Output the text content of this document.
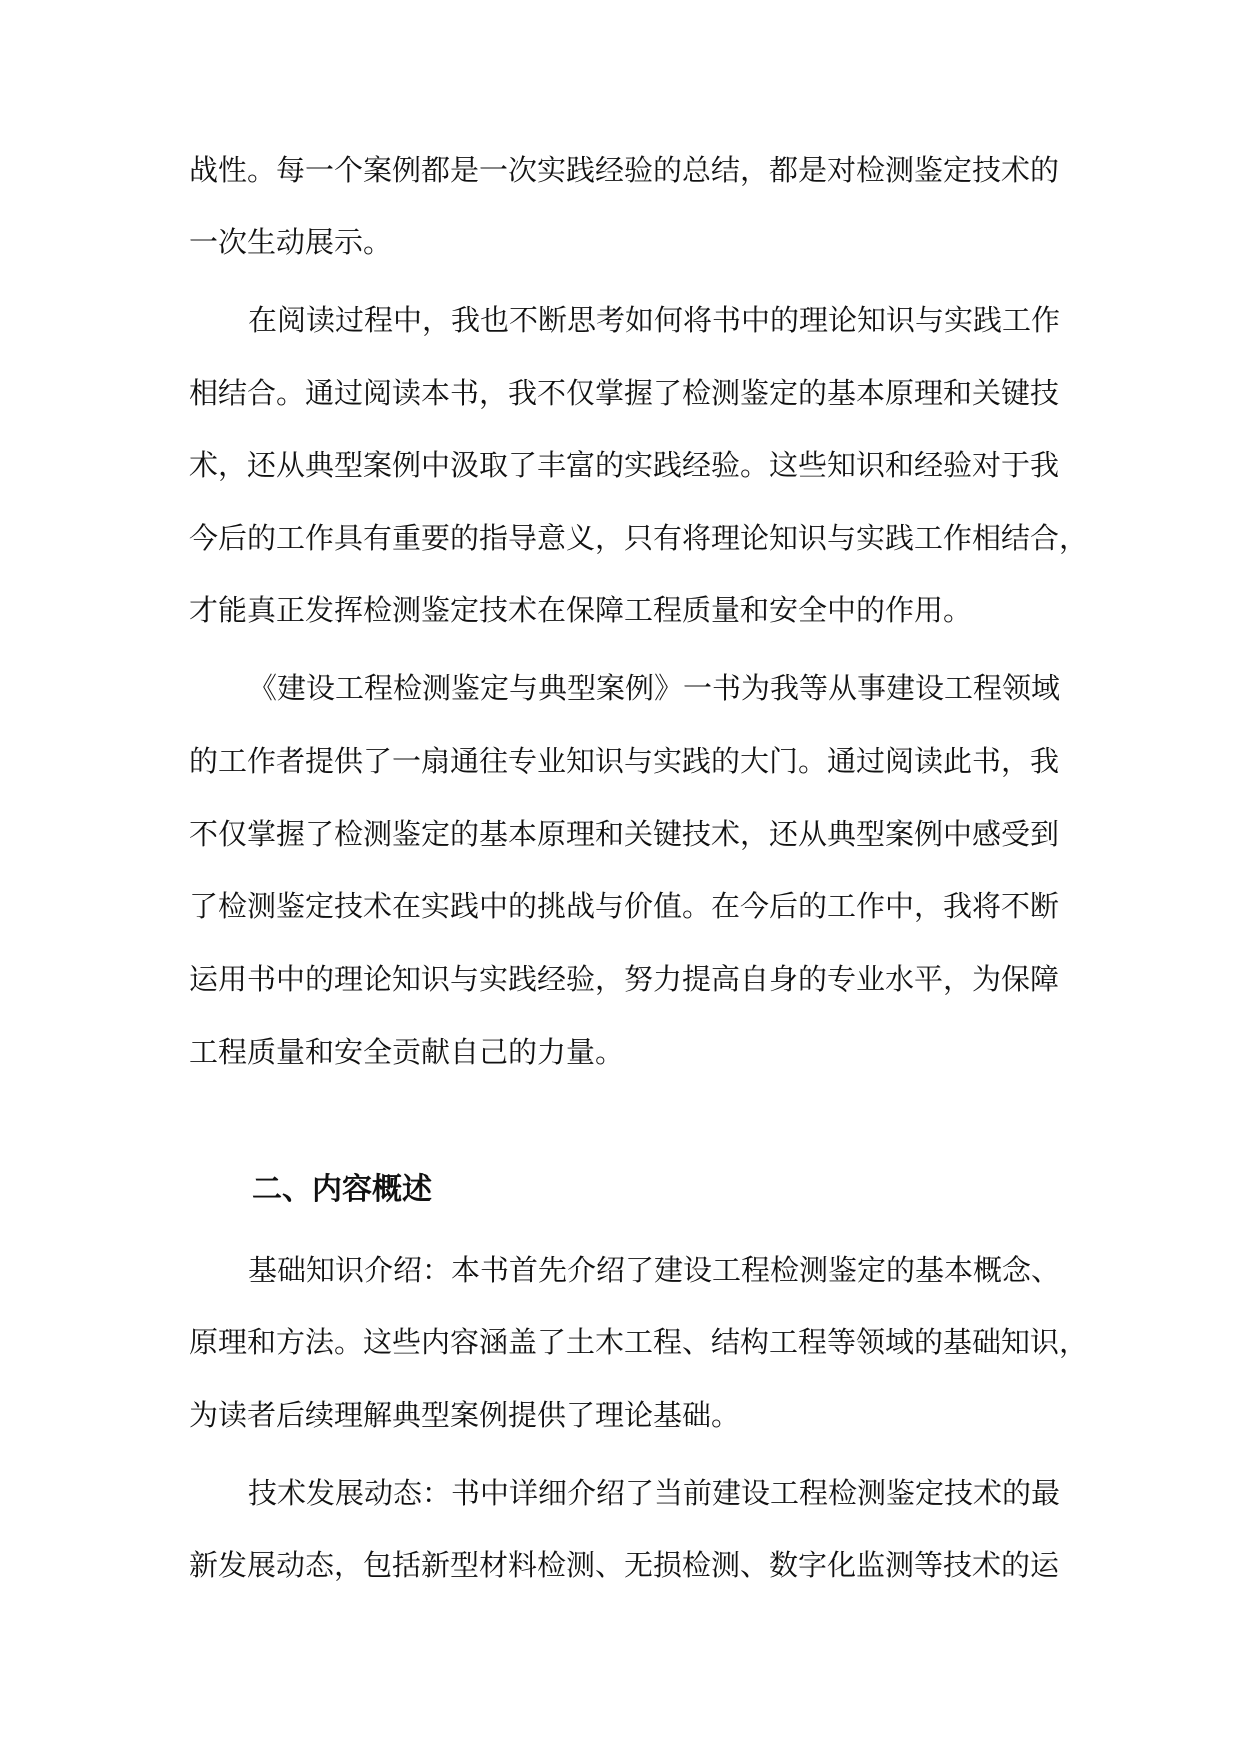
战性。每一个案例都是一次实践经验的总结，都是对检测鉴定技术的
一次生动展示。
在阅读过程中，我也不断思考如何将书中的理论知识与实践工作
相结合。通过阅读本书，我不仅掌握了检测鉴定的基本原理和关键技
术，还从典型案例中汲取了丰富的实践经验。这些知识和经验对于我
今后的工作具有重要的指导意义，只有将理论知识与实践工作相结合，
才能真正发挥检测鉴定技术在保障工程质量和安全中的作用。
《建设工程检测鉴定与典型案例》一书为我等从事建设工程领域
的工作者提供了一扇通往专业知识与实践的大门。通过阅读此书，我
不仅掌握了检测鉴定的基本原理和关键技术，还从典型案例中感受到
了检测鉴定技术在实践中的挑战与价值。在今后的工作中，我将不断
运用书中的理论知识与实践经验，努力提高自身的专业水平，为保障
工程质量和安全贡献自己的力量。
二、内容概述
基础知识介绍：本书首先介绍了建设工程检测鉴定的基本概念、
原理和方法。这些内容涵盖了土木工程、结构工程等领域的基础知识，
为读者后续理解典型案例提供了理论基础。
技术发展动态：书中详细介绍了当前建设工程检测鉴定技术的最
新发展动态，包括新型材料检测、无损检测、数字化监测等技术的运
